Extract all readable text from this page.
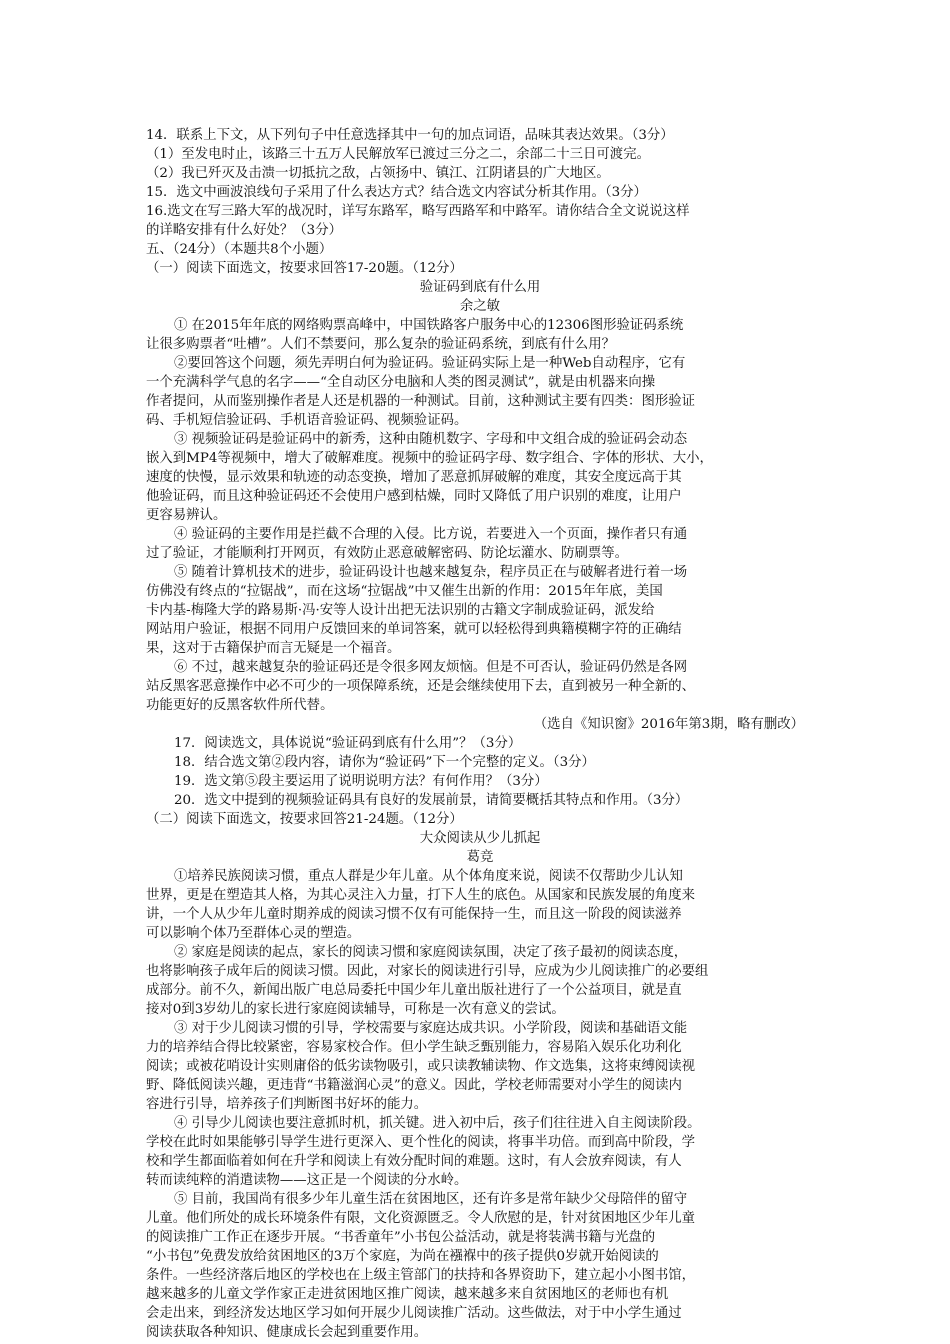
14．联系上下文，从下列句子中任意选择其中一句的加点词语，品味其表达效果。（3分）
（1）至发电时止，该路三十五万人民解放军已渡过三分之二，余部二十三日可渡完。
（2）我已歼灭及击溃一切抵抗之敌，占领扬中、镇江、江阴诸县的广大地区。
15．选文中画波浪线句子采用了什么表达方式？结合选文内容试分析其作用。（3分）
16.选文在写三路大军的战况时，详写东路军，略写西路军和中路军。请你结合全文说说这样
的详略安排有什么好处？（3分）
五、（24分）（本题共8个小题）
（一）阅读下面选文，按要求回答17-20题。（12分）
验证码到底有什么用
余之敏
① 在2015年年底的网络购票高峰中，中国铁路客户服务中心的12306图形验证码系统
让很多购票者“吐槽”。人们不禁要问，那么复杂的验证码系统，到底有什么用？
②要回答这个问题，须先弄明白何为验证码。验证码实际上是一种Web自动程序，它有
一个充满科学气息的名字——“全自动区分电脑和人类的图灵测试”，就是由机器来向操
作者提问，从而鉴别操作者是人还是机器的一种测试。目前，这种测试主要有四类：图形验证
码、手机短信验证码、手机语音验证码、视频验证码。
③ 视频验证码是验证码中的新秀，这种由随机数字、字母和中文组合成的验证码会动态
嵌入到MP4等视频中，增大了破解难度。视频中的验证码字母、数字组合、字体的形状、大小，
速度的快慢，显示效果和轨迹的动态变换，增加了恶意抓屏破解的难度，其安全度远高于其
他验证码，而且这种验证码还不会使用户感到枯燥，同时又降低了用户识别的难度，让用户
更容易辨认。
④ 验证码的主要作用是拦截不合理的入侵。比方说，若要进入一个页面，操作者只有通
过了验证，才能顺利打开网页，有效防止恶意破解密码、防论坛灌水、防刷票等。
⑤ 随着计算机技术的进步，验证码设计也越来越复杂，程序员正在与破解者进行着一场
仿佛没有终点的“拉锯战”，而在这场“拉锯战”中又催生出新的作用：2015年年底，美国
卡内基-梅隆大学的路易斯·冯·安等人设计出把无法识别的古籍文字制成验证码，派发给
网站用户验证，根据不同用户反馈回来的单词答案，就可以轻松得到典籍模糊字符的正确结
果，这对于古籍保护而言无疑是一个福音。
⑥ 不过，越来越复杂的验证码还是令很多网友烦恼。但是不可否认，验证码仍然是各网
站反黑客恶意操作中必不可少的一项保障系统，还是会继续使用下去，直到被另一种全新的、
功能更好的反黑客软件所代替。
（选自《知识窗》2016年第3期，略有删改）
17．阅读选文，具体说说“验证码到底有什么用”？（3分）
18．结合选文第②段内容，请你为“验证码”下一个完整的定义。（3分）
19．选文第⑤段主要运用了说明说明方法？有何作用？（3分）
20．选文中提到的视频验证码具有良好的发展前景，请简要概括其特点和作用。（3分）
（二）阅读下面选文，按要求回答21-24题。（12分）
大众阅读从少儿抓起
葛竞
①培养民族阅读习惯，重点人群是少年儿童。从个体角度来说，阅读不仅帮助少儿认知
世界，更是在塑造其人格，为其心灵注入力量，打下人生的底色。从国家和民族发展的角度来
讲，一个人从少年儿童时期养成的阅读习惯不仅有可能保持一生，而且这一阶段的阅读滋养
可以影响个体乃至群体心灵的塑造。
② 家庭是阅读的起点，家长的阅读习惯和家庭阅读氛围，决定了孩子最初的阅读态度，
也将影响孩子成年后的阅读习惯。因此，对家长的阅读进行引导，应成为少儿阅读推广的必要组
成部分。前不久，新闻出版广电总局委托中国少年儿童出版社进行了一个公益项目，就是直
接对0到3岁幼儿的家长进行家庭阅读辅导，可称是一次有意义的尝试。
③ 对于少儿阅读习惯的引导，学校需要与家庭达成共识。小学阶段，阅读和基础语文能
力的培养结合得比较紧密，容易家校合作。但小学生缺乏甄别能力，容易陷入娱乐化功利化
阅读；或被花哨设计实则庸俗的低劣读物吸引，或只读教辅读物、作文选集，这将束缚阅读视
野、降低阅读兴趣，更违背“书籍滋润心灵”的意义。因此，学校老师需要对小学生的阅读内
容进行引导，培养孩子们判断图书好坏的能力。
④ 引导少儿阅读也要注意抓时机，抓关键。进入初中后，孩子们往往进入自主阅读阶段。
学校在此时如果能够引导学生进行更深入、更个性化的阅读，将事半功倍。而到高中阶段，学
校和学生都面临着如何在升学和阅读上有效分配时间的难题。这时，有人会放弃阅读，有人
转而读纯粹的消遣读物——这正是一个阅读的分水岭。
⑤ 目前，我国尚有很多少年儿童生活在贫困地区，还有许多是常年缺少父母陪伴的留守
儿童。他们所处的成长环境条件有限，文化资源匮乏。令人欣慰的是，针对贫困地区少年儿童
的阅读推广工作正在逐步开展。“书香童年”小书包公益活动，就是将装满书籍与光盘的
“小书包”免费发放给贫困地区的3万个家庭，为尚在襁褓中的孩子提供0岁就开始阅读的
条件。一些经济落后地区的学校也在上级主管部门的扶持和各界资助下，建立起小小图书馆，
越来越多的儿童文学作家正走进贫困地区推广阅读，越来越多来自贫困地区的老师也有机
会走出来，到经济发达地区学习如何开展少儿阅读推广活动。这些做法，对于中小学生通过
阅读获取各种知识、健康成长会起到重要作用。
